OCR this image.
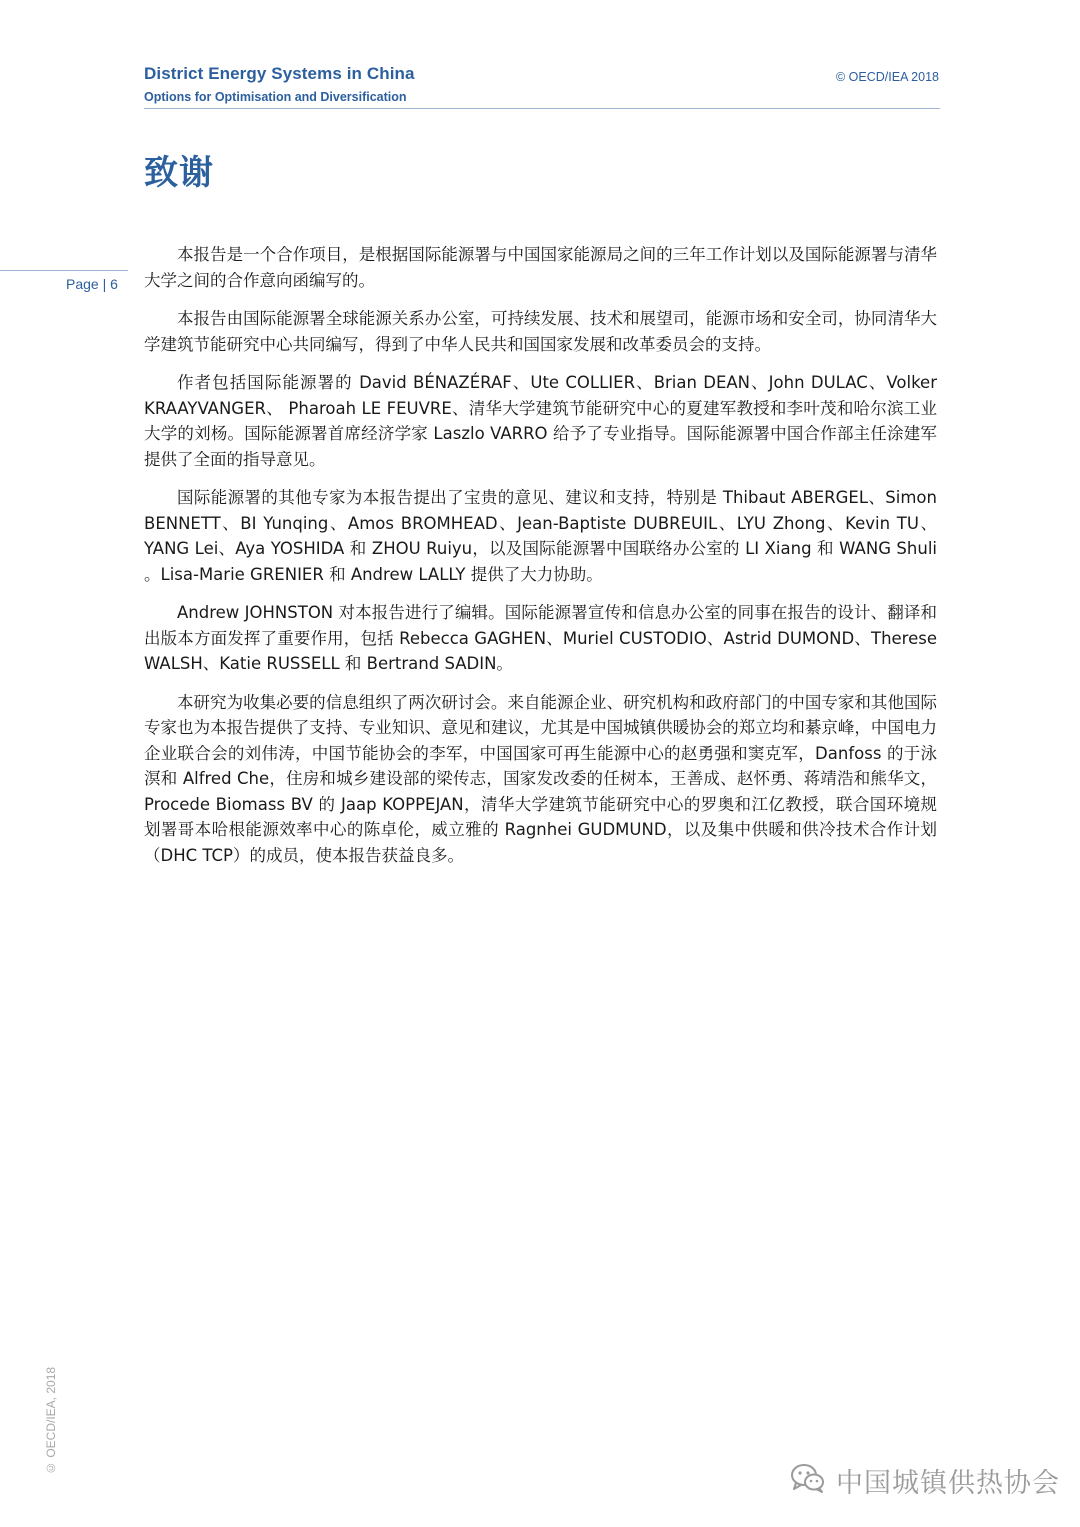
District Energy Systems in China
Options for Optimisation and Diversification
© OECD/IEA 2018
致谢
Page | 6

本报告是一个合作项目，是根据国际能源署与中国国家能源局之间的三年工作计划以及国际能源署与清华大学之间的合作意向函编写的。

本报告由国际能源署全球能源关系办公室，可持续发展、技术和展望司，能源市场和安全司，协同清华大学建筑节能研究中心共同编写，得到了中华人民共和国国家发展和改革委员会的支持。

作者包括国际能源署的 David BÉNAZÉRAF、Ute COLLIER、Brian DEAN、John DULAC、Volker KRAAYVANGER、 Pharoah LE FEUVRE、清华大学建筑节能研究中心的夏建军教授和李叶茂和哈尔滨工业大学的刘杨。国际能源署首席经济学家 Laszlo VARRO 给予了专业指导。国际能源署中国合作部主任涂建军提供了全面的指导意见。

国际能源署的其他专家为本报告提出了宝贵的意见、建议和支持，特别是 Thibaut ABERGEL、Simon BENNETT、BI Yunqing、Amos BROMHEAD、Jean-Baptiste DUBREUIL、LYU Zhong、Kevin TU、YANG Lei、Aya YOSHIDA 和 ZHOU Ruiyu，以及国际能源署中国联络办公室的 LI Xiang 和 WANG Shuli 。Lisa-Marie GRENIER 和 Andrew LALLY 提供了大力协助。

Andrew JOHNSTON 对本报告进行了编辑。国际能源署宣传和信息办公室的同事在报告的设计、翻译和出版本方面发挥了重要作用，包括 Rebecca GAGHEN、Muriel CUSTODIO、Astrid DUMOND、Therese WALSH、Katie RUSSELL 和 Bertrand SADIN。

本研究为收集必要的信息组织了两次研讨会。来自能源企业、研究机构和政府部门的中国专家和其他国际专家也为本报告提供了支持、专业知识、意见和建议，尤其是中国城镇供暖协会的郑立均和綦京峰，中国电力企业联合会的刘伟涛，中国节能协会的李军，中国国家可再生能源中心的赵勇强和窦克军，Danfoss 的于泳溟和 Alfred Che，住房和城乡建设部的梁传志，国家发改委的任树本，王善成、赵怀勇、蒋靖浩和熊华文，Procede Biomass BV 的 Jaap KOPPEJAN，清华大学建筑节能研究中心的罗奥和江亿教授，联合国环境规划署哥本哈根能源效率中心的陈卓伦，威立雅的 Ragnhei GUDMUND，以及集中供暖和供冷技术合作计划（DHC TCP）的成员，使本报告获益良多。

© OECD/IEA, 2018
中国城镇供热协会
